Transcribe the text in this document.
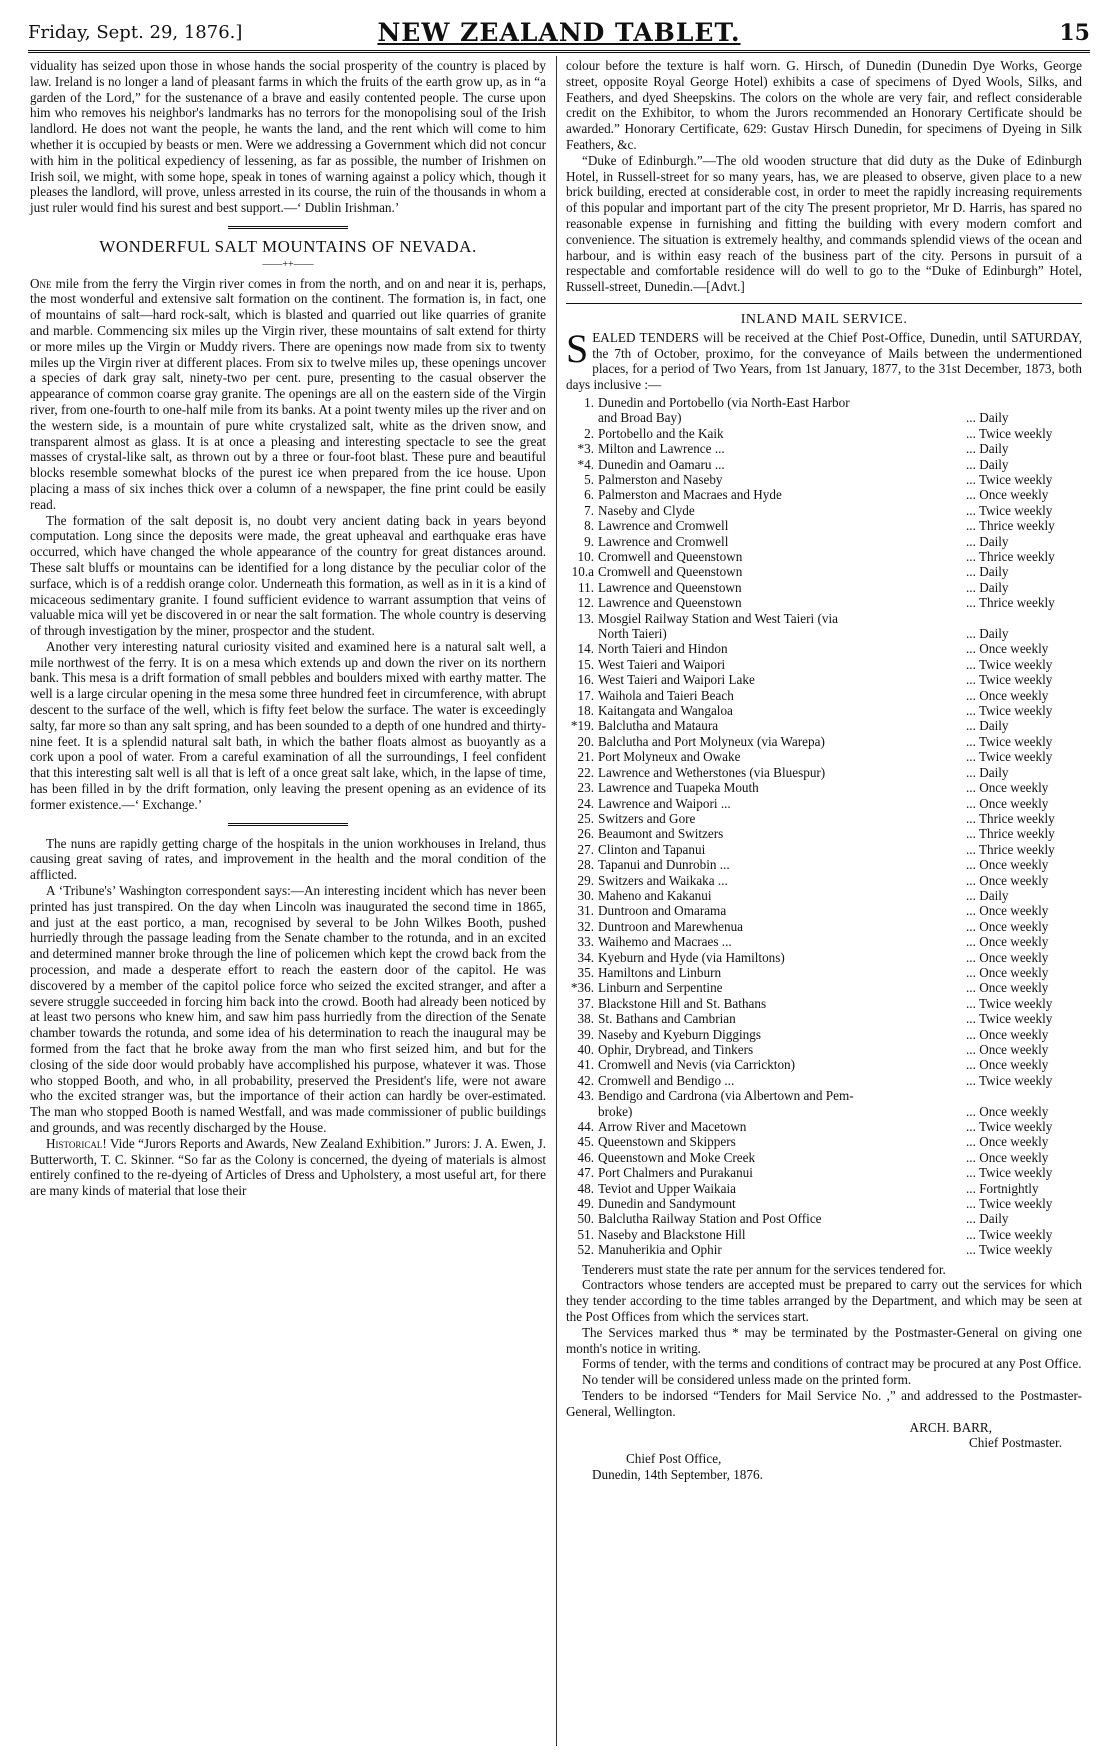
Friday, Sept. 29, 1876.]	NEW ZEALAND TABLET.	15

viduality has seized upon those in whose hands the social prosperity of the country is placed by law. Ireland is no longer a land of pleasant farms in which the fruits of the earth grow up, as in “a garden of the Lord,” for the sustenance of a brave and easily contented people. The curse upon him who removes his neighbor's landmarks has no terrors for the monopolising soul of the Irish landlord. He does not want the people, he wants the land, and the rent which will come to him whether it is occupied by beasts or men. Were we addressing a Government which did not concur with him in the political expediency of lessening, as far as possible, the number of Irishmen on Irish soil, we might, with some hope, speak in tones of warning against a policy which, though it pleases the landlord, will prove, unless arrested in its course, the ruin of the thousands in whom a just ruler would find his surest and best support.—‘ Dublin Irishman.’

WONDERFUL SALT MOUNTAINS OF NEVADA.
——++——

One mile from the ferry the Virgin river comes in from the north, and on and near it is, perhaps, the most wonderful and extensive salt formation on the continent. The formation is, in fact, one of mountains of salt—hard rock-salt, which is blasted and quarried out like quarries of granite and marble. Commencing six miles up the Virgin river, these mountains of salt extend for thirty or more miles up the Virgin or Muddy rivers. There are openings now made from six to twenty miles up the Virgin river at different places. From six to twelve miles up, these openings uncover a species of dark gray salt, ninety-two per cent. pure, presenting to the casual observer the appearance of common coarse gray granite. The openings are all on the eastern side of the Virgin river, from one-fourth to one-half mile from its banks. At a point twenty miles up the river and on the western side, is a mountain of pure white crystalized salt, white as the driven snow, and transparent almost as glass. It is at once a pleasing and interesting spectacle to see the great masses of crystal-like salt, as thrown out by a three or four-foot blast. These pure and beautiful blocks resemble somewhat blocks of the purest ice when prepared from the ice house. Upon placing a mass of six inches thick over a column of a newspaper, the fine print could be easily read.

The formation of the salt deposit is, no doubt very ancient dating back in years beyond computation. Long since the deposits were made, the great upheaval and earthquake eras have occurred, which have changed the whole appearance of the country for great distances around. These salt bluffs or mountains can be identified for a long distance by the peculiar color of the surface, which is of a reddish orange color. Underneath this formation, as well as in it is a kind of micaceous sedimentary granite. I found sufficient evidence to warrant assumption that veins of valuable mica will yet be discovered in or near the salt formation. The whole country is deserving of through investigation by the miner, prospector and the student.

Another very interesting natural curiosity visited and examined here is a natural salt well, a mile northwest of the ferry. It is on a mesa which extends up and down the river on its northern bank. This mesa is a drift formation of small pebbles and boulders mixed with earthy matter. The well is a large circular opening in the mesa some three hundred feet in circumference, with abrupt descent to the surface of the well, which is fifty feet below the surface. The water is exceedingly salty, far more so than any salt spring, and has been sounded to a depth of one hundred and thirty-nine feet. It is a splendid natural salt bath, in which the bather floats almost as buoyantly as a cork upon a pool of water. From a careful examination of all the surroundings, I feel confident that this interesting salt well is all that is left of a once great salt lake, which, in the lapse of time, has been filled in by the drift formation, only leaving the present opening as an evidence of its former existence.—‘ Exchange.’

The nuns are rapidly getting charge of the hospitals in the union workhouses in Ireland, thus causing great saving of rates, and improvement in the health and the moral condition of the afflicted.

A ‘Tribune's’ Washington correspondent says:—An interesting incident which has never been printed has just transpired. On the day when Lincoln was inaugurated the second time in 1865, and just at the east portico, a man, recognised by several to be John Wilkes Booth, pushed hurriedly through the passage leading from the Senate chamber to the rotunda, and in an excited and determined manner broke through the line of policemen which kept the crowd back from the procession, and made a desperate effort to reach the eastern door of the capitol. He was discovered by a member of the capitol police force who seized the excited stranger, and after a severe struggle succeeded in forcing him back into the crowd. Booth had already been noticed by at least two persons who knew him, and saw him pass hurriedly from the direction of the Senate chamber towards the rotunda, and some idea of his determination to reach the inaugural may be formed from the fact that he broke away from the man who first seized him, and but for the closing of the side door would probably have accomplished his purpose, whatever it was. Those who stopped Booth, and who, in all probability, preserved the President's life, were not aware who the excited stranger was, but the importance of their action can hardly be over-estimated. The man who stopped Booth is named Westfall, and was made commissioner of public buildings and grounds, and was recently discharged by the House.

Historical! Vide “Jurors Reports and Awards, New Zealand Exhibition.” Jurors: J. A. Ewen, J. Butterworth, T. C. Skinner. “So far as the Colony is concerned, the dyeing of materials is almost entirely confined to the re-dyeing of Articles of Dress and Upholstery, a most useful art, for there are many kinds of material that lose their

colour before the texture is half worn. G. Hirsch, of Dunedin (Dunedin Dye Works, George street, opposite Royal George Hotel) exhibits a case of specimens of Dyed Wools, Silks, and Feathers, and dyed Sheepskins. The colors on the whole are very fair, and reflect considerable credit on the Exhibitor, to whom the Jurors recommended an Honorary Certificate should be awarded.” Honorary Certificate, 629: Gustav Hirsch Dunedin, for specimens of Dyeing in Silk Feathers, &c.

“Duke of Edinburgh.”—The old wooden structure that did duty as the Duke of Edinburgh Hotel, in Russell-street for so many years, has, we are pleased to observe, given place to a new brick building, erected at considerable cost, in order to meet the rapidly increasing requirements of this popular and important part of the city The present proprietor, Mr D. Harris, has spared no reasonable expense in furnishing and fitting the building with every modern comfort and convenience. The situation is extremely healthy, and commands splendid views of the ocean and harbour, and is within easy reach of the business part of the city. Persons in pursuit of a respectable and comfortable residence will do well to go to the “Duke of Edinburgh” Hotel, Russell-street, Dunedin.—[Advt.]

INLAND MAIL SERVICE.

SEALED TENDERS will be received at the Chief Post-Office, Dunedin, until SATURDAY, the 7th of October, proximo, for the conveyance of Mails between the undermentioned places, for a period of Two Years, from 1st January, 1877, to the 31st December, 1873, both days inclusive :—

1. Dunedin and Portobello (via North-East Harbor
and Broad Bay)	... Daily
2. Portobello and the Kaik	... Twice weekly
*3. Milton and Lawrence ...	... Daily
*4. Dunedin and Oamaru ...	... Daily
5. Palmerston and Naseby	... Twice weekly
6. Palmerston and Macraes and Hyde	... Once weekly
7. Naseby and Clyde	... Twice weekly
8. Lawrence and Cromwell	... Thrice weekly
9. Lawrence and Cromwell	... Daily
10. Cromwell and Queenstown	... Thrice weekly
10.a Cromwell and Queenstown	... Daily
11. Lawrence and Queenstown	... Daily
12. Lawrence and Queenstown	... Thrice weekly
13. Mosgiel Railway Station and West Taieri (via
North Taieri)	... Daily
14. North Taieri and Hindon	... Once weekly
15. West Taieri and Waipori	... Twice weekly
16. West Taieri and Waipori Lake	... Twice weekly
17. Waihola and Taieri Beach	... Once weekly
18. Kaitangata and Wangaloa	... Twice weekly
*19. Balclutha and Mataura	... Daily
20. Balclutha and Port Molyneux (via Warepa)	... Twice weekly
21. Port Molyneux and Owake	... Twice weekly
22. Lawrence and Wetherstones (via Bluespur)	... Daily
23. Lawrence and Tuapeka Mouth	... Once weekly
24. Lawrence and Waipori ...	... Once weekly
25. Switzers and Gore	... Thrice weekly
26. Beaumont and Switzers	... Thrice weekly
27. Clinton and Tapanui	... Thrice weekly
28. Tapanui and Dunrobin ...	... Once weekly
29. Switzers and Waikaka ...	... Once weekly
30. Maheno and Kakanui	... Daily
31. Duntroon and Omarama	... Once weekly
32. Duntroon and Marewhenua	... Once weekly
33. Waihemo and Macraes ...	... Once weekly
34. Kyeburn and Hyde (via Hamiltons)	... Once weekly
35. Hamiltons and Linburn	... Once weekly
*36. Linburn and Serpentine	... Once weekly
37. Blackstone Hill and St. Bathans	... Twice weekly
38. St. Bathans and Cambrian	... Twice weekly
39. Naseby and Kyeburn Diggings	... Once weekly
40. Ophir, Drybread, and Tinkers	... Once weekly
41. Cromwell and Nevis (via Carrickton)	... Once weekly
42. Cromwell and Bendigo ...	... Twice weekly
43. Bendigo and Cardrona (via Albertown and Pem-
broke)	... Once weekly
44. Arrow River and Macetown	... Twice weekly
45. Queenstown and Skippers	... Once weekly
46. Queenstown and Moke Creek	... Once weekly
47. Port Chalmers and Purakanui	... Twice weekly
48. Teviot and Upper Waikaia	... Fortnightly
49. Dunedin and Sandymount	... Twice weekly
50. Balclutha Railway Station and Post Office	... Daily
51. Naseby and Blackstone Hill	... Twice weekly
52. Manuherikia and Ophir	... Twice weekly

Tenderers must state the rate per annum for the services tendered for.

Contractors whose tenders are accepted must be prepared to carry out the services for which they tender according to the time tables arranged by the Department, and which may be seen at the Post Offices from which the services start.

The Services marked thus * may be terminated by the Postmaster-General on giving one month's notice in writing.

Forms of tender, with the terms and conditions of contract may be procured at any Post Office.

No tender will be considered unless made on the printed form.

Tenders to be indorsed “Tenders for Mail Service No. ,” and addressed to the Postmaster-General, Wellington.

ARCH. BARR,
Chief Postmaster.
Chief Post Office,
Dunedin, 14th September, 1876.
